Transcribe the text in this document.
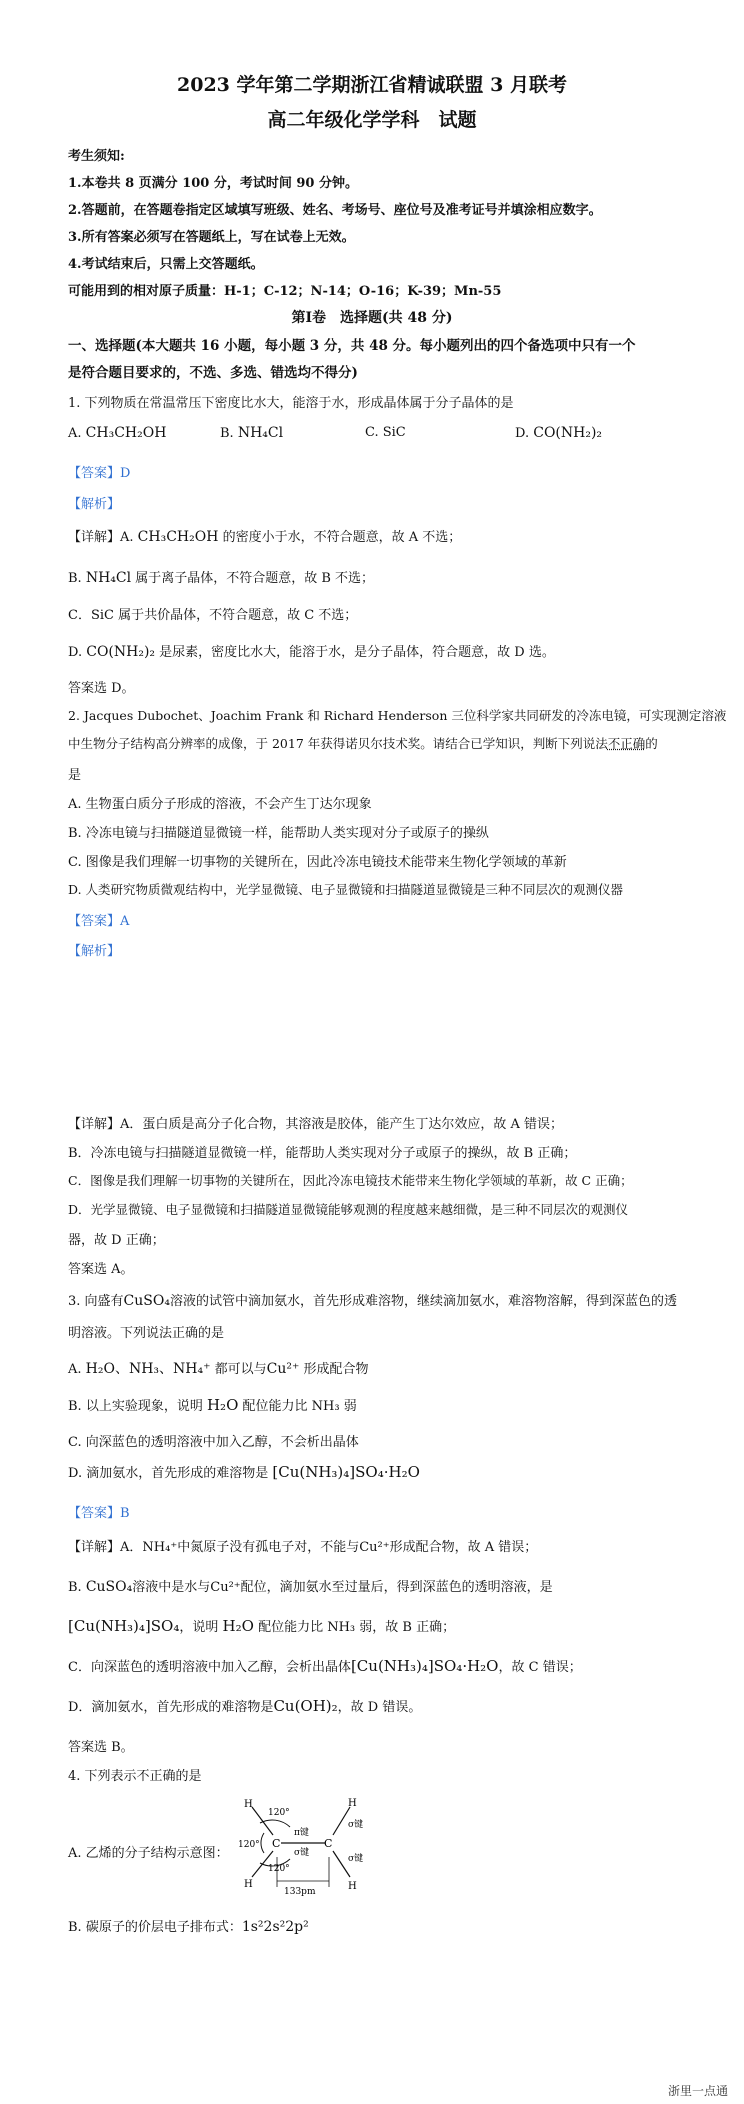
2023 学年第二学期浙江省精诚联盟 3 月联考
高二年级化学学科　试题
考生须知:
1.本卷共 8 页满分 100 分，考试时间 90 分钟。
2.答题前，在答题卷指定区域填写班级、姓名、考场号、座位号及准考证号并填涂相应数字。
3.所有答案必须写在答题纸上，写在试卷上无效。
4.考试结束后，只需上交答题纸。
可能用到的相对原子质量：H-1；C-12；N-14；O-16；K-39；Mn-55
第Ⅰ卷　选择题(共 48 分)
一、选择题(本大题共 16 小题，每小题 3 分，共 48 分。每小题列出的四个备选项中只有一个
是符合题目要求的，不选、多选、错选均不得分)
1. 下列物质在常温常压下密度比水大，能溶于水，形成晶体属于分子晶体的是
A. CH₃CH₂OH	B. NH₄Cl	C. SiC	D. CO(NH₂)₂
【答案】D
【解析】
【详解】A. CH₃CH₂OH 的密度小于水，不符合题意，故 A 不选；
B. NH₄Cl 属于离子晶体，不符合题意，故 B 不选；
C．SiC 属于共价晶体，不符合题意，故 C 不选；
D. CO(NH₂)₂ 是尿素，密度比水大，能溶于水，是分子晶体，符合题意，故 D 选。
答案选 D。
2. Jacques Dubochet、Joachim Frank 和 Richard Henderson 三位科学家共同研发的冷冻电镜，可实现测定溶液
中生物分子结构高分辨率的成像，于 2017 年获得诺贝尔技术奖。请结合已学知识，判断下列说法不正确的
是
A. 生物蛋白质分子形成的溶液，不会产生丁达尔现象
B. 冷冻电镜与扫描隧道显微镜一样，能帮助人类实现对分子或原子的操纵
C. 图像是我们理解一切事物的关键所在，因此冷冻电镜技术能带来生物化学领域的革新
D. 人类研究物质微观结构中，光学显微镜、电子显微镜和扫描隧道显微镜是三种不同层次的观测仪器
【答案】A
【解析】
【详解】A．蛋白质是高分子化合物，其溶液是胶体，能产生丁达尔效应，故 A 错误；
B．冷冻电镜与扫描隧道显微镜一样，能帮助人类实现对分子或原子的操纵，故 B 正确；
C．图像是我们理解一切事物的关键所在，因此冷冻电镜技术能带来生物化学领域的革新，故 C 正确；
D．光学显微镜、电子显微镜和扫描隧道显微镜能够观测的程度越来越细微，是三种不同层次的观测仪
器，故 D 正确；
答案选 A。
3. 向盛有CuSO₄溶液的试管中滴加氨水，首先形成难溶物，继续滴加氨水，难溶物溶解，得到深蓝色的透
明溶液。下列说法正确的是
A. H₂O、NH₃、NH₄⁺ 都可以与Cu²⁺ 形成配合物
B. 以上实验现象，说明 H₂O 配位能力比 NH₃ 弱
C. 向深蓝色的透明溶液中加入乙醇，不会析出晶体
D. 滴加氨水，首先形成的难溶物是 [Cu(NH₃)₄]SO₄·H₂O
【答案】B
【详解】A．NH₄⁺中氮原子没有孤电子对，不能与Cu²⁺形成配合物，故 A 错误；
B. CuSO₄溶液中是水与Cu²⁺配位，滴加氨水至过量后，得到深蓝色的透明溶液，是
[Cu(NH₃)₄]SO₄，说明 H₂O 配位能力比 NH₃ 弱，故 B 正确；
C．向深蓝色的透明溶液中加入乙醇，会析出晶体[Cu(NH₃)₄]SO₄·H₂O，故 C 错误；
D．滴加氨水，首先形成的难溶物是Cu(OH)₂，故 D 错误。
答案选 B。
4. 下列表示不正确的是
A. 乙烯的分子结构示意图：
H
H
C	C
H
H
120°
120°
120°
π键
σ键
σ键
σ键
133pm
B. 碳原子的价层电子排布式：1s²2s²2p²
浙里一点通
